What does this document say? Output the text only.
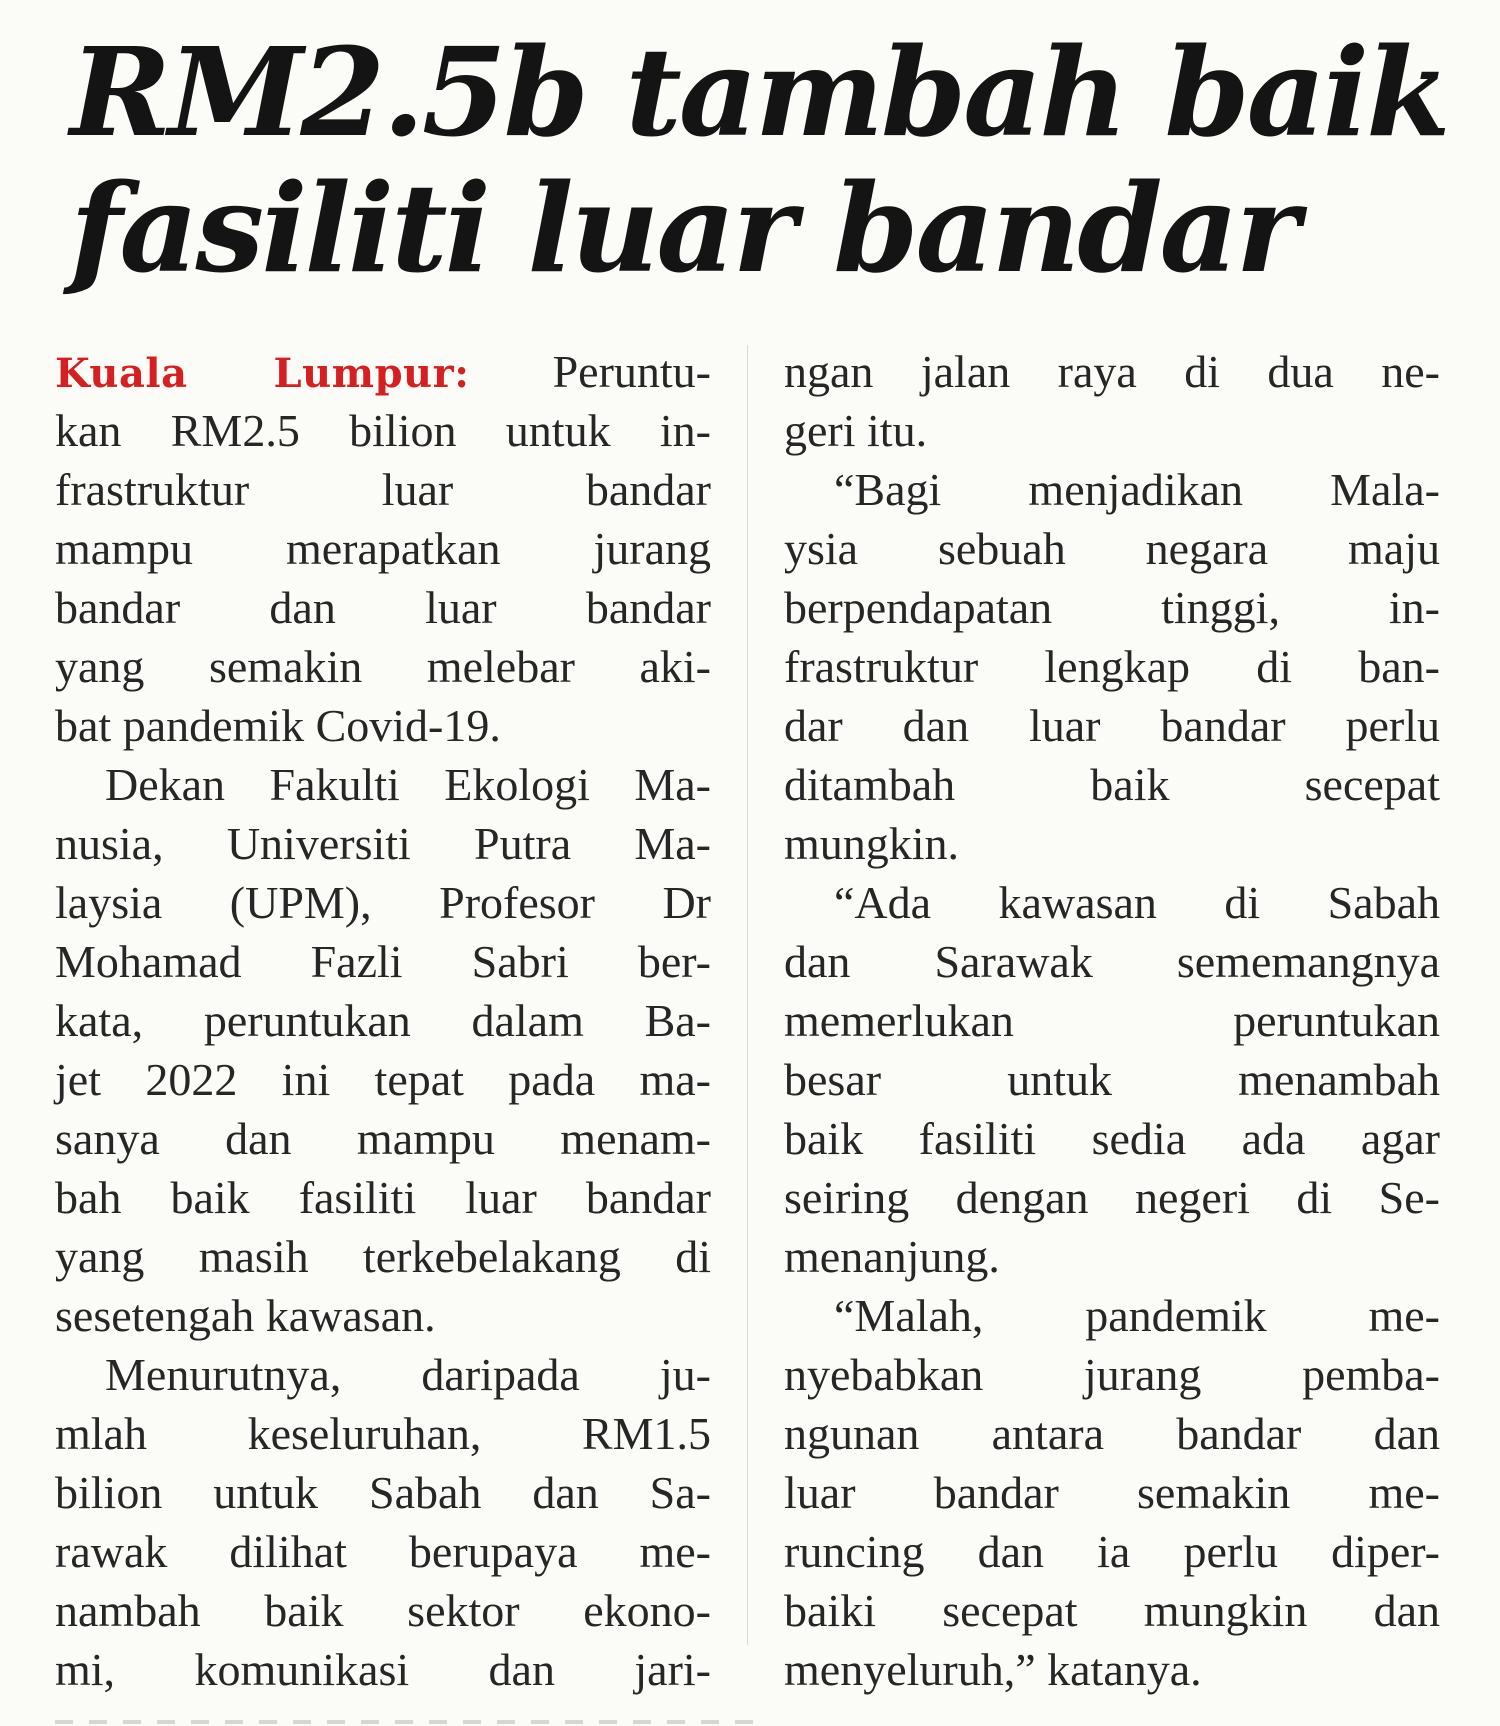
RM2.5b tambah baik
fasiliti luar bandar

Kuala Lumpur: Peruntu-
kan RM2.5 bilion untuk in-
frastruktur luar bandar
mampu merapatkan jurang
bandar dan luar bandar
yang semakin melebar aki-
bat pandemik Covid-19.

Dekan Fakulti Ekologi Ma-
nusia, Universiti Putra Ma-
laysia (UPM), Profesor Dr
Mohamad Fazli Sabri ber-
kata, peruntukan dalam Ba-
jet 2022 ini tepat pada ma-
sanya dan mampu menam-
bah baik fasiliti luar bandar
yang masih terkebelakang di
sesetengah kawasan.

Menurutnya, daripada ju-
mlah keseluruhan, RM1.5
bilion untuk Sabah dan Sa-
rawak dilihat berupaya me-
nambah baik sektor ekono-
mi, komunikasi dan jari-

ngan jalan raya di dua ne-
geri itu.

“Bagi menjadikan Mala-
ysia sebuah negara maju
berpendapatan tinggi, in-
frastruktur lengkap di ban-
dar dan luar bandar perlu
ditambah baik secepat
mungkin.

“Ada kawasan di Sabah
dan Sarawak sememangnya
memerlukan peruntukan
besar untuk menambah
baik fasiliti sedia ada agar
seiring dengan negeri di Se-
menanjung.

“Malah, pandemik me-
nyebabkan jurang pemba-
ngunan antara bandar dan
luar bandar semakin me-
runcing dan ia perlu diper-
baiki secepat mungkin dan
menyeluruh,” katanya.
